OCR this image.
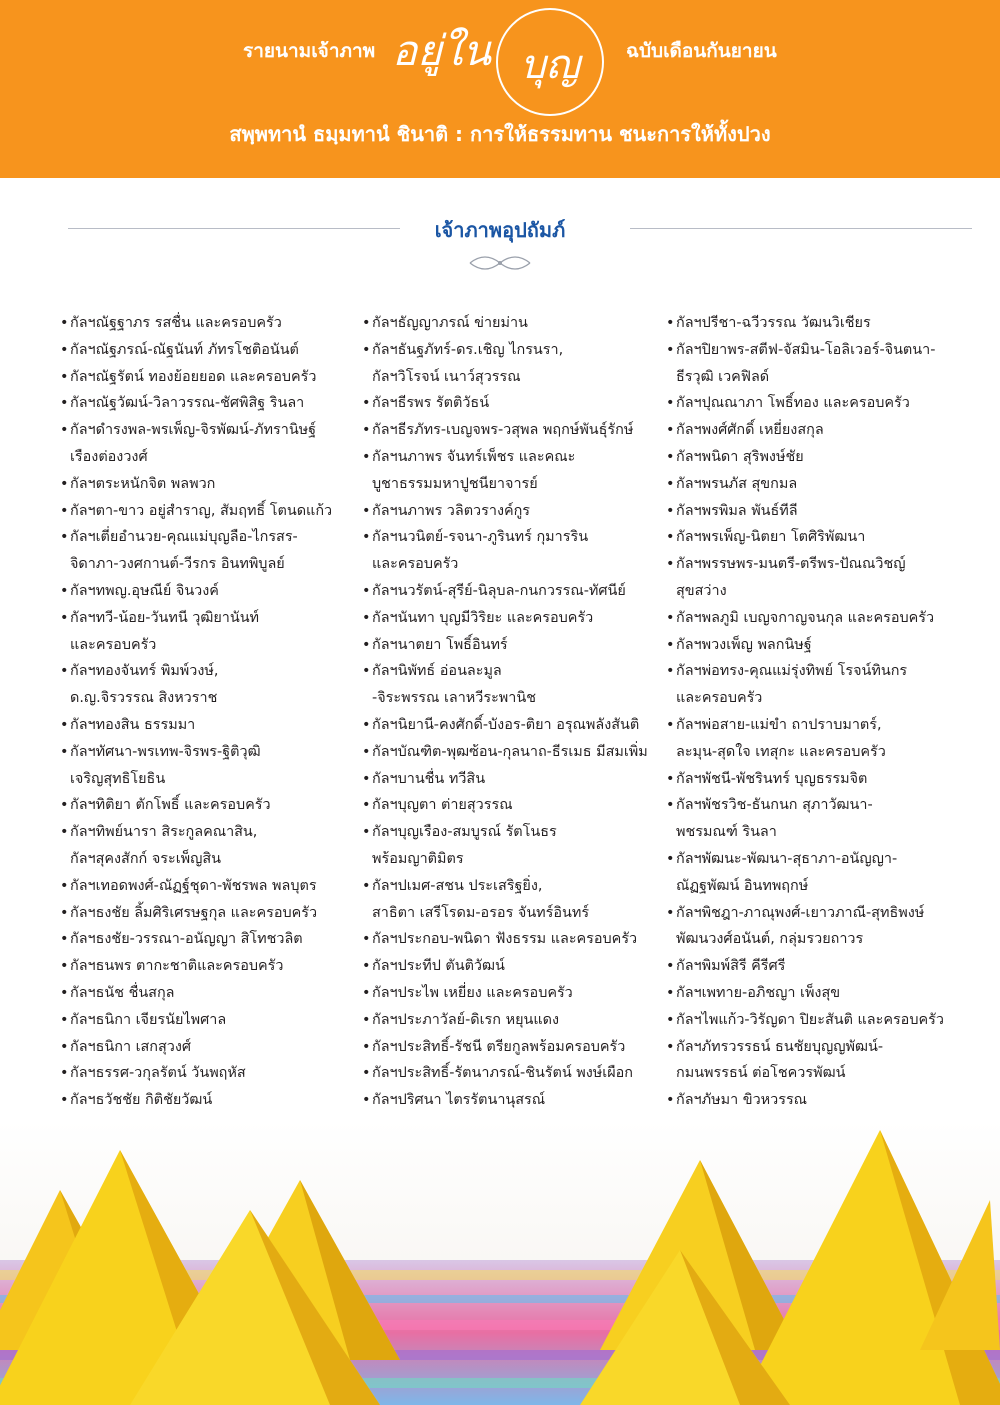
รายนามเจ้าภาพ อยู่ใน บุญ	ฉบับเดือนกันยายน
สพฺพทานํ ธมฺมทานํ ชินาติ : การให้ธรรมทาน ชนะการให้ทั้งปวง
เจ้าภาพอุปถัมภ์
• กัลฯณัฐฐาภร รสชื่น และครอบครัว
• กัลฯณัฐภรณ์-ณัฐนันท์ ภัทรโชติอนันต์
• กัลฯณัฐรัตน์ ทองย้อยยอด และครอบครัว
• กัลฯณัฐวัฒน์-วิลาวรรณ-ชัศพิสิฐ รินลา
• กัลฯดำรงพล-พรเพ็ญ-จิรพัฒน์-ภัทรานิษฐ์
เรืองต่องวงศ์
• กัลฯตระหนักจิต พลพวก
• กัลฯตา-ขาว อยู่สำราญ, สัมฤทธิ์ โตนดแก้ว
• กัลฯเตี่ยอำนวย-คุณแม่บุญลือ-ไกรสร-
จิดาภา-วงศกานต์-วีรกร อินทพิบูลย์
• กัลฯทพญ.อุษณีย์ จินวงค์
• กัลฯทวี-น้อย-วันทนี วุฒิยานันท์
และครอบครัว
• กัลฯทองจันทร์ พิมพ์วงษ์,
ด.ญ.จิรวรรณ สิงหวราช
• กัลฯทองสิน ธรรมมา
• กัลฯทัศนา-พรเทพ-จิรพร-ฐิติวุฒิ
เจริญสุทธิโยธิน
• กัลฯทิติยา ตักโพธิ์ และครอบครัว
• กัลฯทิพย์นารา สิระกูลคณาสิน,
กัลฯสุคงสักก์ จระเพ็ญสิน
• กัลฯเทอดพงศ์-ณัฏฐ์ชุดา-พัชรพล พลบุตร
• กัลฯธงชัย ลิ้มศิริเศรษฐกุล และครอบครัว
• กัลฯธงชัย-วรรณา-อนัญญา สิโทชวลิต
• กัลฯธนพร ตากะชาติและครอบครัว
• กัลฯธนัช ชื่นสกุล
• กัลฯธนิกา เจียรนัยไพศาล
• กัลฯธนิกา เสกสุวงศ์
• กัลฯธรรศ-วกุลรัตน์ วันพฤหัส
• กัลฯธวัชชัย กิติชัยวัฒน์
• กัลฯธัญญาภรณ์ ข่ายม่าน
• กัลฯธันฐภัทร์-ดร.เชิญ ไกรนรา,
กัลฯวิโรจน์ เนาว์สุวรรณ
• กัลฯธีรพร รัตติวัธน์
• กัลฯธีรภัทร-เบญจพร-วสุพล พฤกษ์พันธุ์รักษ์
• กัลฯนภาพร จันทร์เพ็ชร และคณะ
บูชาธรรมมหาปูชนียาจารย์
• กัลฯนภาพร วลิตวรางค์กูร
• กัลฯนวนิตย์-รจนา-ภูรินทร์ กุมารริน
และครอบครัว
• กัลฯนวรัตน์-สุรีย์-นิลุบล-กนกวรรณ-ทัศนีย์
• กัลฯนันทา บุญมีวิริยะ และครอบครัว
• กัลฯนาตยา โพธิ์อินทร์
• กัลฯนิพัทธ์ อ่อนละมูล
-จิระพรรณ เลาหวีระพานิช
• กัลฯนิยานี-คงศักดิ์-บังอร-ติยา อรุณพลังสันติ
• กัลฯบัณฑิต-พุฒซ้อน-กุลนาถ-ธีรเมธ มีสมเพิ่ม
• กัลฯบานชื่น ทวีสิน
• กัลฯบุญตา ต่ายสุวรรณ
• กัลฯบุญเรือง-สมบูรณ์ รัตโนธร
พร้อมญาติมิตร
• กัลฯปเมศ-สชน ประเสริฐยิ่ง,
สาธิตา เสรีโรดม-อรอร จันทร์อินทร์
• กัลฯประกอบ-พนิดา ฟังธรรม และครอบครัว
• กัลฯประทีป ตันติวัฒน์
• กัลฯประไพ เหยี่ยง และครอบครัว
• กัลฯประภาวัลย์-ดิเรก หยุนแดง
• กัลฯประสิทธิ์-รัชนี ตรียกูลพร้อมครอบครัว
• กัลฯประสิทธิ์-รัตนาภรณ์-ชินรัตน์ พงษ์เผือก
• กัลฯปริศนา ไตรรัตนานุสรณ์
• กัลฯปรีชา-ฉวีวรรณ วัฒนวิเชียร
• กัลฯปิยาพร-สตีฟ-จัสมิน-โอลิเวอร์-จินตนา-
ธีรวุฒิ เวคฟิลด์
• กัลฯปุณณาภา โพธิ์ทอง และครอบครัว
• กัลฯพงศ์ศักดิ์ เหยี่ยงสกุล
• กัลฯพนิดา สุริพงษ์ชัย
• กัลฯพรนภัส สุขกมล
• กัลฯพรพิมล พันธ์ทีลี
• กัลฯพรเพ็ญ-นิตยา โตศิริพัฒนา
• กัลฯพรรษพร-มนตรี-ตรีพร-ปัณณวิชญ์
สุขสว่าง
• กัลฯพลภูมิ เบญจกาญจนกุล และครอบครัว
• กัลฯพวงเพ็ญ พลกนิษฐ์
• กัลฯพ่อทรง-คุณแม่รุ่งทิพย์ โรจน์ทินกร
และครอบครัว
• กัลฯพ่อสาย-แม่ขำ ถาปราบมาตร์,
ละมุน-สุดใจ เทสุกะ และครอบครัว
• กัลฯพัชนี-พัชรินทร์ บุญธรรมจิต
• กัลฯพัชรวิช-ธันกนก สุภาวัฒนา-
พชรมณฑ์ รินลา
• กัลฯพัฒนะ-พัฒนา-สุธาภา-อนัญญา-
ณัฏฐพัฒน์ อินทพฤกษ์
• กัลฯพิชฎา-ภาณุพงศ์-เยาวภาณี-สุทธิพงษ์
พัฒนวงศ์อนันต์, กลุ่มรวยถาวร
• กัลฯพิมพ์สิรี คีรีศรี
• กัลฯเพทาย-อภิชญา เพ็งสุข
• กัลฯไพแก้ว-วิรัญดา ปิยะสันติ และครอบครัว
• กัลฯภัทรวรรธน์ ธนชัยบุญญพัฒน์-
กมนพรรธน์ ต่อโชควรพัฒน์
• กัลฯภัษมา ขิวหวรรณ
